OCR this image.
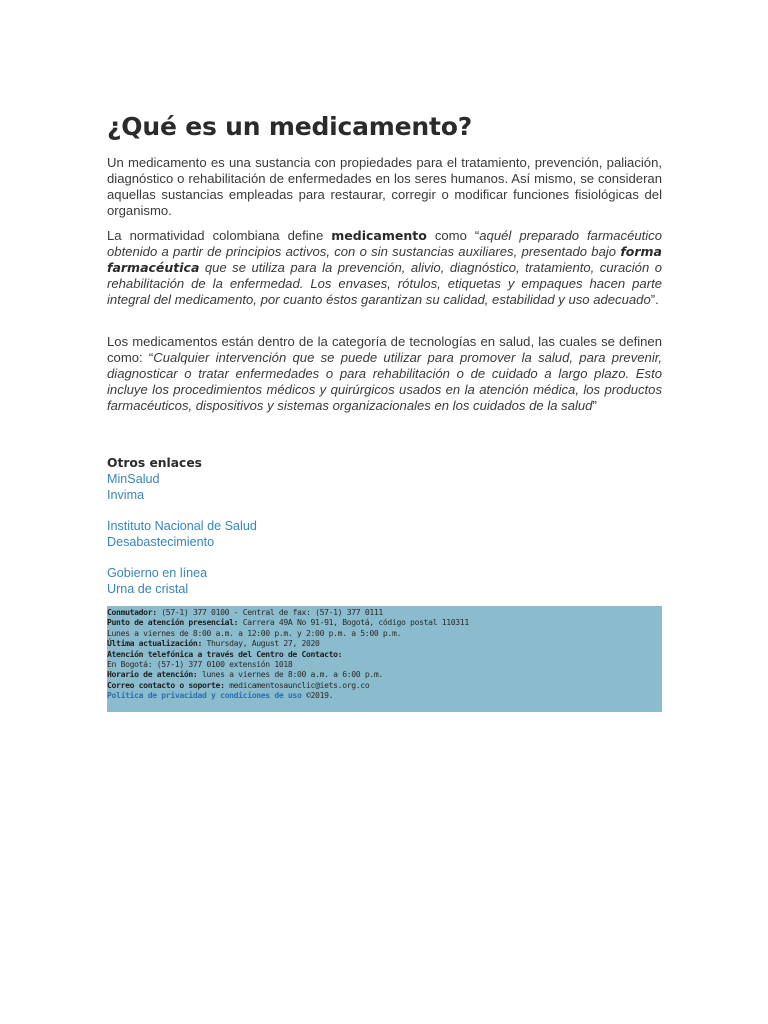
¿Qué es un medicamento?

Un medicamento es una sustancia con propiedades para el tratamiento, prevención, paliación, diagnóstico o rehabilitación de enfermedades en los seres humanos. Así mismo, se consideran aquellas sustancias empleadas para restaurar, corregir o modificar funciones fisiológicas del organismo.

La normatividad colombiana define medicamento como “aquél preparado farmacéutico obtenido a partir de principios activos, con o sin sustancias auxiliares, presentado bajo forma farmacéutica que se utiliza para la prevención, alivio, diagnóstico, tratamiento, curación o rehabilitación de la enfermedad. Los envases, rótulos, etiquetas y empaques hacen parte integral del medicamento, por cuanto éstos garantizan su calidad, estabilidad y uso adecuado”.

Los medicamentos están dentro de la categoría de tecnologías en salud, las cuales se definen como: “Cualquier intervención que se puede utilizar para promover la salud, para prevenir, diagnosticar o tratar enfermedades o para rehabilitación o de cuidado a largo plazo. Esto incluye los procedimientos médicos y quirúrgicos usados en la atención médica, los productos farmacéuticos, dispositivos y sistemas organizacionales en los cuidados de la salud”

Otros enlaces
MinSalud
Invima
Instituto Nacional de Salud
Desabastecimiento
Gobierno en línea
Urna de cristal
Conmutador: (57-1) 377 0100 - Central de fax: (57-1) 377 0111
Punto de atención presencial: Carrera 49A No 91-91, Bogotá, código postal 110311
Lunes a viernes de 8:00 a.m. a 12:00 p.m. y 2:00 p.m. a 5:00 p.m.
Última actualización: Thursday, August 27, 2020
Atención telefónica a través del Centro de Contacto:
En Bogotá: (57-1) 377 0100 extensión 1018
Horario de atención: lunes a viernes de 8:00 a.m. a 6:00 p.m.
Correo contacto o soporte: medicamentosaunclic@iets.org.co
Política de privacidad y condiciones de uso ©2019.
